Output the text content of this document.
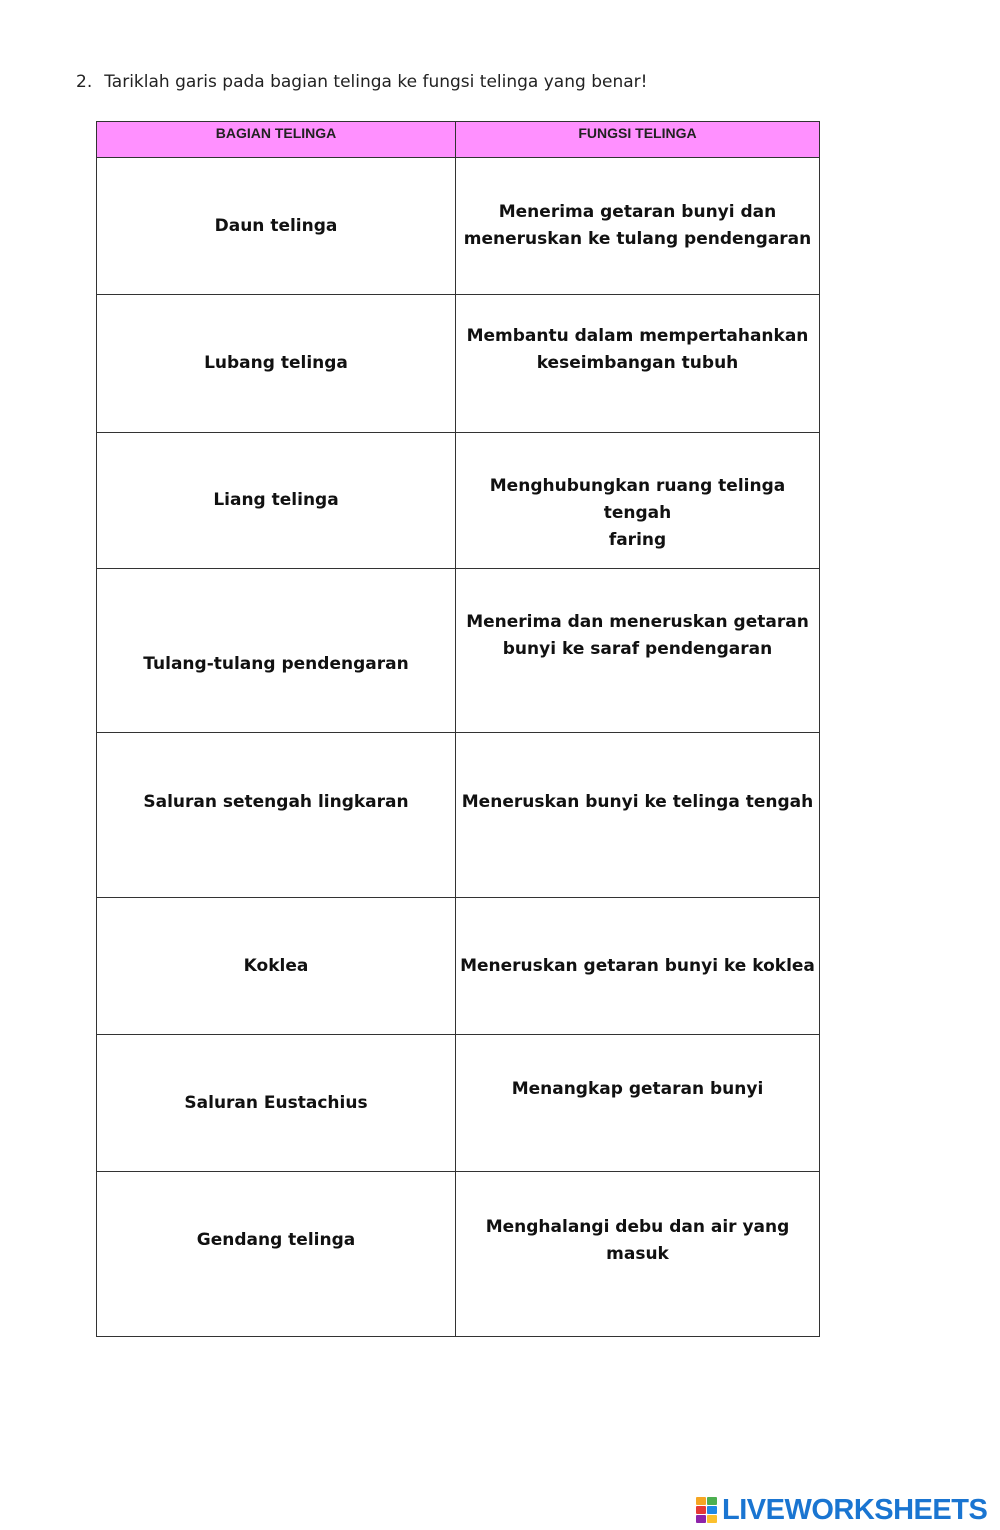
2. Tariklah garis pada bagian telinga ke fungsi telinga yang benar!
BAGIAN TELINGA	FUNGSI TELINGA

Daun telinga	Menerima getaran bunyi dan
meneruskan ke tulang pendengaran

Lubang telinga	Membantu dalam mempertahankan
keseimbangan tubuh

Liang telinga	Menghubungkan ruang telinga tengah
faring

Tulang-tulang pendengaran	Menerima dan meneruskan getaran
bunyi ke saraf pendengaran

Saluran setengah lingkaran	Meneruskan bunyi ke telinga tengah

Koklea	Meneruskan getaran bunyi ke koklea

Saluran Eustachius	Menangkap getaran bunyi

Gendang telinga	Menghalangi debu dan air yang
masuk
LIVEWORKSHEETS
